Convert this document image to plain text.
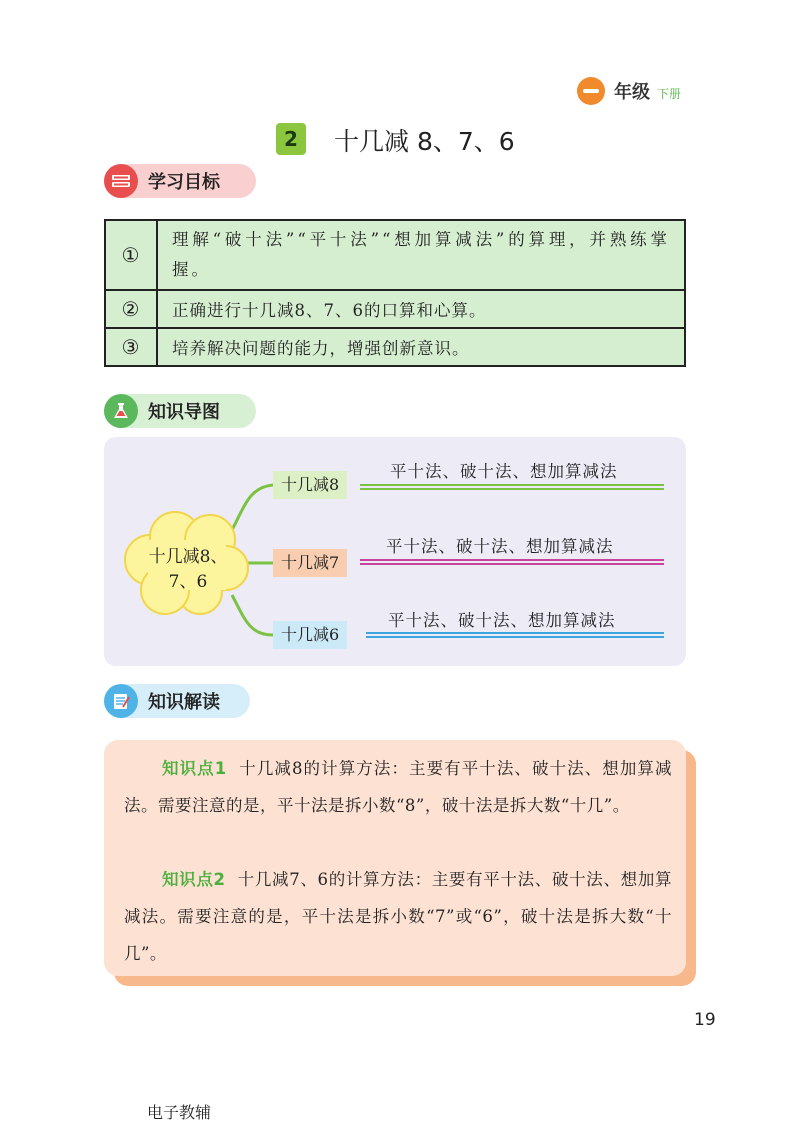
年级 下册
2	十几减 8、7、6
学习目标
①	理解“破十法”“平十法”“想加算减法”的算理，并熟练掌握。
②	正确进行十几减8、7、6的口算和心算。
③	培养解决问题的能力，增强创新意识。
知识导图
十几减8、
7、6
十几减8
十几减7
十几减6
平十法、破十法、想加算减法
平十法、破十法、想加算减法
平十法、破十法、想加算减法
知识解读
知识点1 十几减8的计算方法：主要有平十法、破十法、想加算减法。需要注意的是，平十法是拆小数“8”，破十法是拆大数“十几”。
知识点2 十几减7、6的计算方法：主要有平十法、破十法、想加算减法。需要注意的是，平十法是拆小数“7”或“6”，破十法是拆大数“十几”。
19
电子教辅
